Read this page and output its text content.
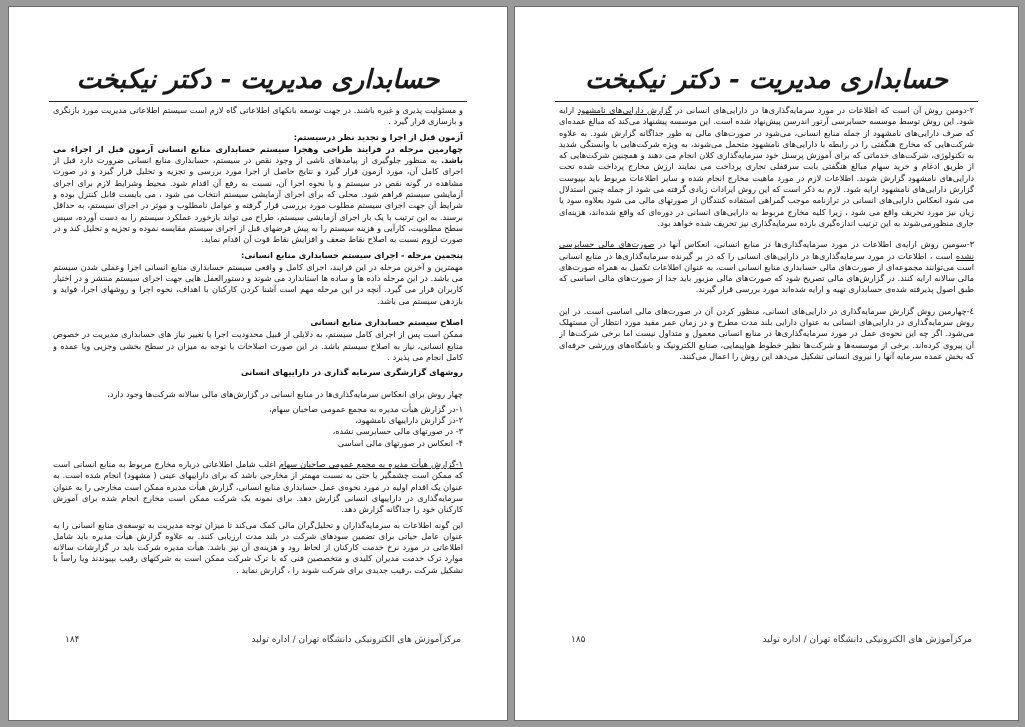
حسابداری مدیریت - دکتر نیکبخت

و مسئولیت پذیری و غیره باشند. در جهت توسعه بانکهای اطلاعاتی گاه لازم است سیستم اطلاعاتی مدیریت مورد بازنگری و بازسازی قرار گیرد .

آزمون قبل از اجرا و تجدید نظر درسیستم:

چهارمین مرحله در فرایند طراحی وهجرا سیستم حسابداری منابع انسانی آزمون قبل از اجراء می باشد. به منظور جلوگیری از پیامدهای ناشی از وجود نقص در سیستم، حسابداری منابع انسانی ضرورت دارد قبل از اجرای کامل آن، مورد آزمون قرار گیرد و نتایج حاصل از اجرا مورد بررسی و تجزیه و تحلیل قرار گیرد و در صورت مشاهده در گونه نقص در سیستم و یا نحوه اجرا آن، نسبت به رفع آن اقدام شود. محیط وشرایط لازم برای اجرای آزمایشی سیستم فراهم شود. محلی که برای اجرای آزمایشی سیستم انتخاب می شود ، می بایست قابل کنترل بوده و شرایط آن جهت اجرای سیستم مطلوب مورد بررسی قرار گرفته و عوامل نامطلوب و موثر در اجرای سیستم، به حداقل برسند. به این ترتیب با یک بار اجرای آزمایشی سیستم، طراح می تواند بازخورد عملکرد سیستم را به دست آورده، سپس سطح مطلوبیت، کارآیی و هزینه سیستم را به پیش فرضهای قبل از اجرای سیستم مقایسه نموده و تجزیه و تحلیل کند و در صورت لزوم نسبت به اصلاح نقاط ضعف و افزایش نقاط قوت آن اقدام نماید.

پنجمین مرحله - اجرای سیستم حسابداری منابع انسانی:

مهمترین و آخرین مرحله در این فرایند، اجرای کامل و واقعی سیستم حسابداری منابع انسانی اجرا وعملی شدن سیستم می باشد. در این مرحله داده ها و ساده ها استاندارد می شوند و دستورالعمل هایی جهت اجرای سیستم منتشر و در اختیار کاربران قرار می گیرد. آنچه در این مرحله مهم است آشنا کردن کارکنان با اهداف، نحوه اجرا و روشهای اجرا، فواید و بازدهی سیستم می باشد.

اصلاح سیستم حسابداری منابع انسانی

ممکن است پس از اجرای کامل سیستم، به دلایلی از قبیل محدودیت اجرا یا تغییر نیاز های حسابداری مدیریت در خصوص منابع انسانی، نیاز به اصلاح سیستم باشد. در این صورت اصلاحات با توجه به میزان در سطح بخشی وجزیی ویا عمده و کامل انجام می پذیرد .

روشهای گزارشگری سرمایه گذاری در داراییهای انسانی

چهار روش برای انعکاس سرمایه‌گذاری‌ها در منابع انسانی در گزارش‌های مالی سالانه شرکت‌ها وجود دارد،

۱-در گزارش هیأت مدیره به مجمع عمومی صاحبان سهام،
۲-در گزارش داراییهای نامشهود،
۳- در صورتهای مالی حسابرسی نشده،
۴- انعکاس در صورتهای مالی اساسی

۱-گزارش هیأت مدیره به مجمع عمومی صاحبان سهام اغلب شامل اطلاعاتی درباره مخارج مربوط به منابع انسانی است که ممکن است چشمگیر یا حتی به نسبت مهمتر از مخارجی باشد که برای داراییهای عینی ( مشهود) انجام شده است. به عنوان یک اقدام اولیه در مورد نحوه‌ی عمل حسابداری منابع انسانی، گزارش هیأت مدیره ممکن است مخارجی را به عنوان سرمایه‌گذاری در داراییهای انسانی گزارش دهد. برای نمونه یک شرکت ممکن است مخارج انجام شده برای آموزش کارکنان خود را جداگانه گزارش دهد.

این گونه اطلاعات به سرمایه‌گذاران و تحلیل‌گران مالی کمک می‌کند تا میزان توجه مدیریت به توسعه‌ی منابع انسانی را به عنوان عامل حیاتی برای تضمین سودهای شرکت در بلند مدت ارزیابی کنند. به علاوه گزارش هیأت مدیره باید شامل اطلاعاتی در مورد نرخ خدمت کارکنان از لحاظ رود و هزینه‌ی آن نیز باشد. هیأت مدیره شرکت باید در گزارشات سالانه موارد ترک خدمت مدیران کلیدی و متخصصین فنی که با ترک شرکت ممکن است به شرکتهای رقیب بپیوندند ویا راساً با تشکیل شرکت ،رقیب جدیدی برای شرکت شوند را ، گزارش نماید .

مرکزآموزش های الکترونیکی دانشگاه تهران / اداره تولید
۱۸۴
حسابداری مدیریت - دکتر نیکبخت

۲-دومین روش آن است که اطلاعات در مورد سرمایه‌گذاری‌ها در دارایی‌های انسانی در گزارش دارایی‌های نامشهود ارایه شود. این روش توسط موسسه حسابرسی آرتور اندرسن پیش‌نهاد شده است. این موسسه پیشنهاد می‌کند که مبالغ عمده‌ای که صرف دارایی‌های نامشهود از جمله منابع انسانی، می‌شود در صورت‌های مالی به طور جداگانه گزارش شود. به علاوه شرکت‌هایی که مخارج هنگفتی را در رابطه با دارایی‌های نامشهود متحمل می‌شوند، به ویژه شرکت‌هایی با وابستگی شدید به تکنولوژی، شرکت‌های خدماتی که برای آموزش پرسنل خود سرمایه‌گذاری کلان انجام می دهند و همچنین شرکت‌هایی که از طریق ادغام و خرید سهام مبالغ هنگفتی بابت سرقفلی تجاری پرداخت می نمایند ارزش مخارج پرداخت شده تحت دارایی‌های نامشهود گزارش شوند. اطلاعات لازم در مورد ماهیت مخارج انجام شده و سایر اطلاعات مربوط باید بپیوست گزارش دارایی‌های نامشهود ارایه شود. لازم به ذکر است که این روش ایرادات زیادی گرفته می شود از جمله چنین استدلال می شود انعکاس دارایی‌های انسانی در ترازنامه موجب گمراهی استفاده کنندگان از صورتهای مالی می شود بعلاوه سود یا زیان نیز مورد تحریف واقع می شود ، زیرا کلیه مخارج مربوط به دارایی‌های انسانی در دوره‌ای که واقع شده‌اند، هزینه‌ای جاری منظورمی‌شوند به این ترتیب اندازه‌گیری بازده سرمایه‌گذاری نیز تحریف شده خواهد بود.

۳-سومین روش ارایه‌ی اطلاعات در مورد سرمایه‌گذاری‌ها در منابع انسانی، انعکاس آنها در صورت‌های مالی حسابرسی نشده است ، اطلاعات در مورد سرمایه‌گذاری‌ها در دارایی‌های انسانی را که در بر گیرنده سرمایه‌گذاری‌ها در منابع انسانی است می‌توانند مجموعه‌ای از صورت‌های مالی حسابداری منابع انسانی است، به عنوان اطلاعات تکمیل به همراه صورت‌های مالی سالانه ارایه کنند. در گزارش‌های مالی تصریح شود که صورت‌های مالی مزبور باید جدا از صورت‌های مالی اساسی که طبق اصول پذیرفته شده‌ی حسابداری تهیه و ارایه شده‌اند مورد بررسی قرار گیرند.

٤-چهارمین روش گزارش سرمایه‌گذاری در دارایی‌های انسانی، منظور کردن آن در صورت‌های مالی اساسی است. در این روش سرمایه‌گذاری در دارایی‌های انسانی به عنوان دارایی بلند مدت مطرح و در زمان عمر مفید مورد انتظار آن مستهلک می‌شود. اگر چه این نحوه‌ی عمل در مورد سرمایه‌گذاری‌ها در منابع انسانی معمول و متداول نیست اما برخی شرکت‌ها از آن پیروی کرده‌اند. برخی از موسسه‌ها و شرکت‌ها نظیر خطوط هواپیمایی، صنایع الکترونیک و باشگاه‌های ورزشی حرفه‌ای که بخش عمده سرمایه آنها را نیروی انسانی تشکیل می‌دهد این روش را اعمال می‌کنند.

مرکزآموزش های الکترونیکی دانشگاه تهران / اداره تولید
۱۸۵
